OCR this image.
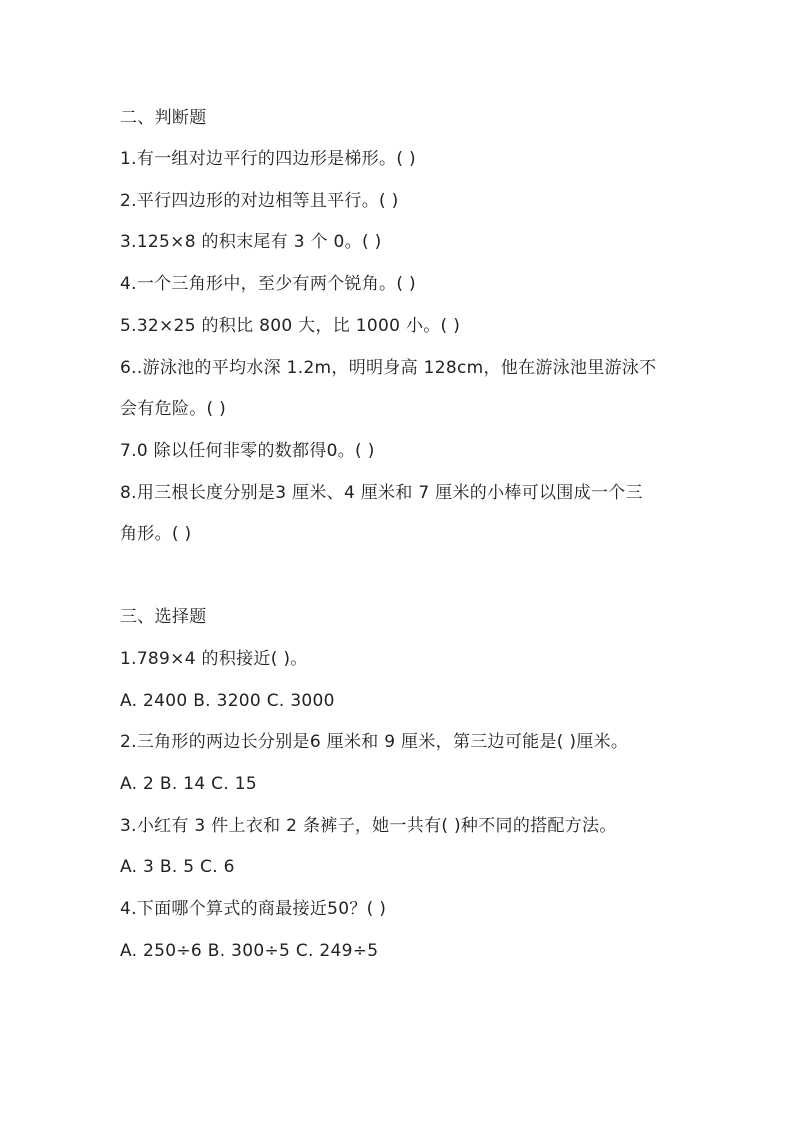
二、判断题
1.有一组对边平行的四边形是梯形。( )
2.平行四边形的对边相等且平行。( )
3.125×8 的积末尾有 3 个 0。( )
4.一个三角形中，至少有两个锐角。( )
5.32×25 的积比 800 大，比 1000 小。( )
6..游泳池的平均水深 1.2m，明明身高 128cm，他在游泳池里游泳不
会有危险。( )
7.0 除以任何非零的数都得0。( )
8.用三根长度分别是3 厘米、4 厘米和 7 厘米的小棒可以围成一个三
角形。( )
三、选择题
1.789×4 的积接近( )。
A. 2400 B. 3200 C. 3000
2.三角形的两边长分别是6 厘米和 9 厘米，第三边可能是( )厘米。
A. 2 B. 14 C. 15
3.小红有 3 件上衣和 2 条裤子，她一共有( )种不同的搭配方法。
A. 3 B. 5 C. 6
4.下面哪个算式的商最接近50？( )
A. 250÷6 B. 300÷5 C. 249÷5
